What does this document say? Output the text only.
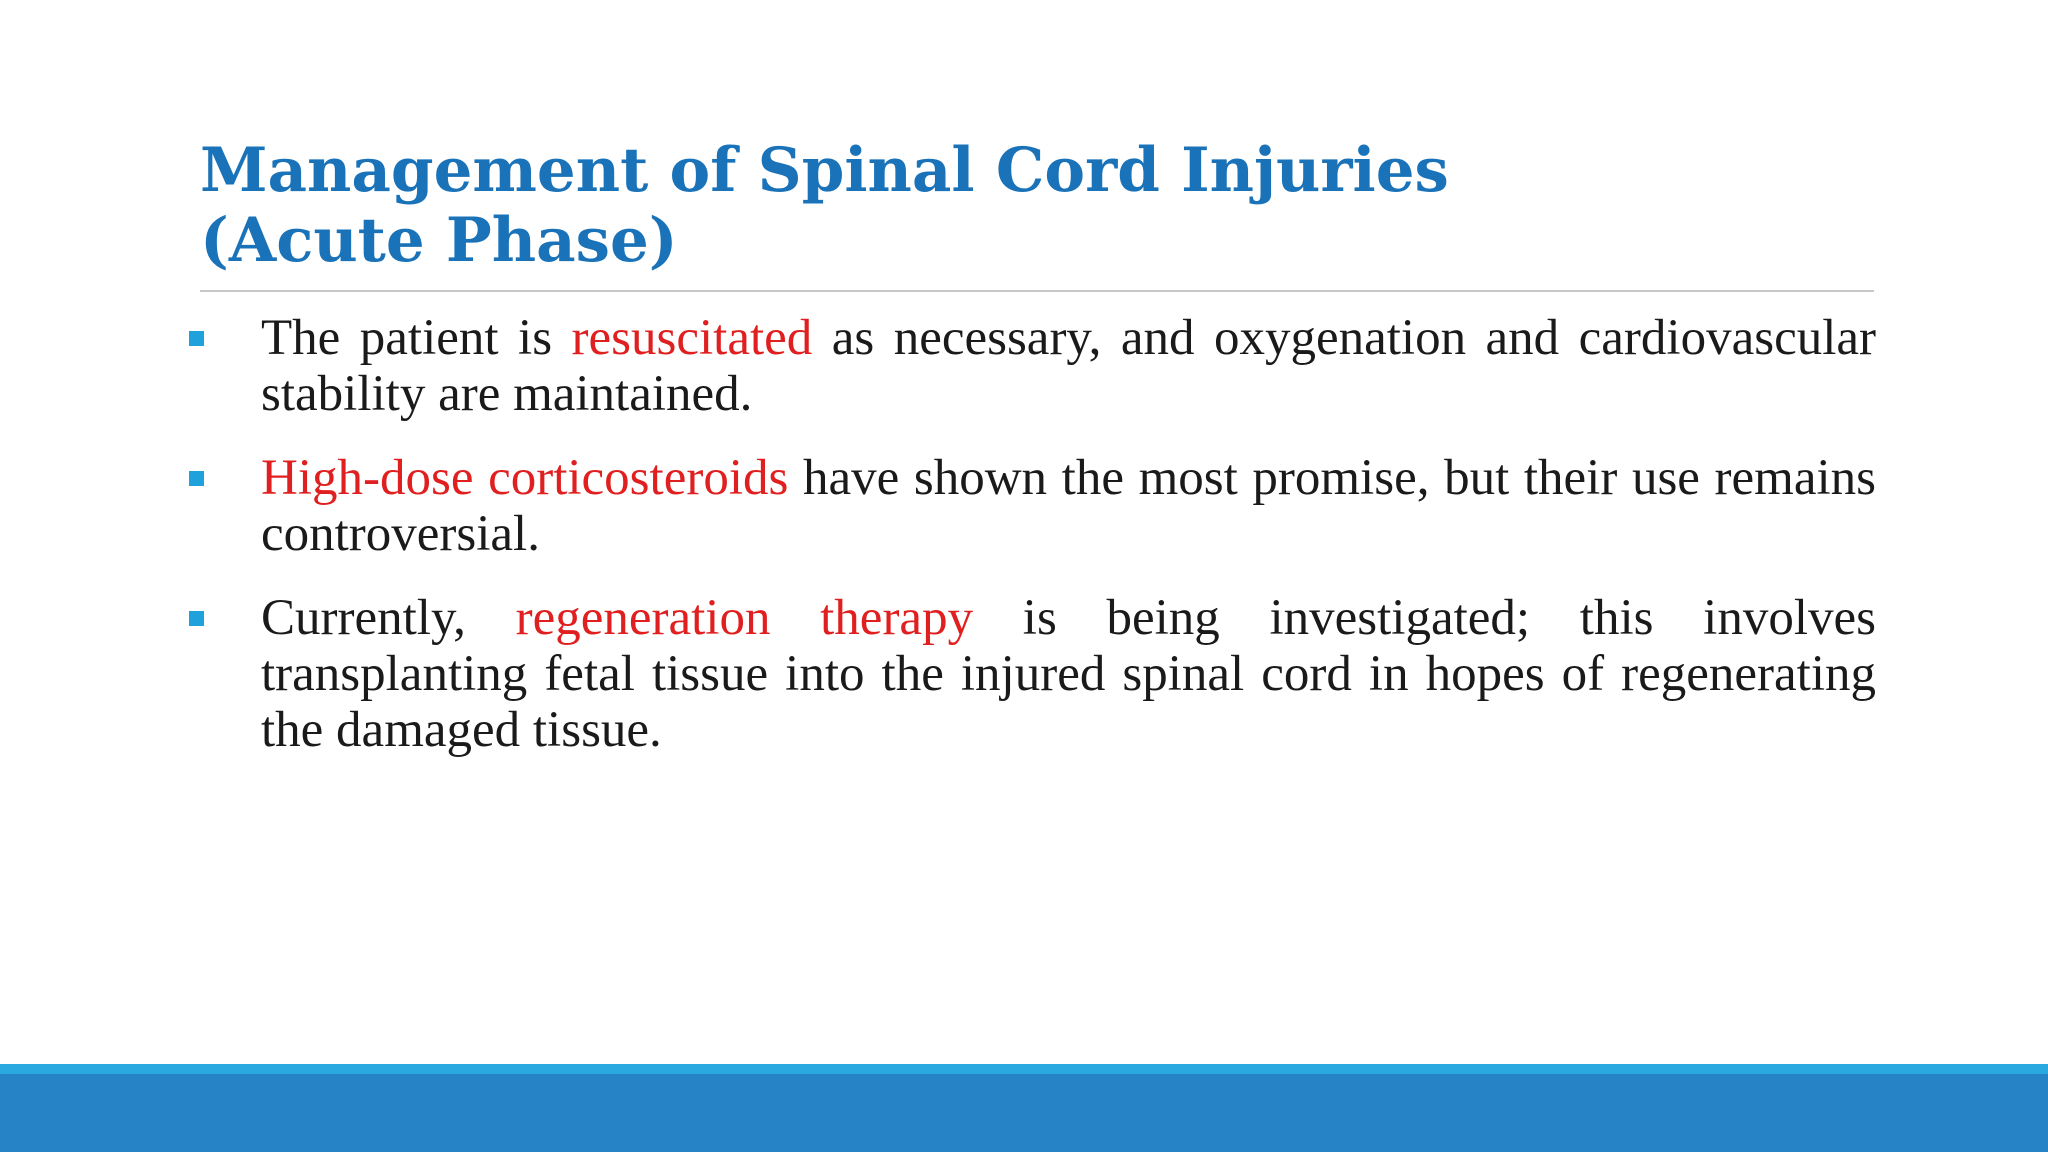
Management of Spinal Cord Injuries
(Acute Phase)
The patient is resuscitated as necessary, and oxygenation and cardiovascular stability are maintained.
High-dose corticosteroids have shown the most promise, but their use remains controversial.
Currently, regeneration therapy is being investigated; this involves transplanting fetal tissue into the injured spinal cord in hopes of regenerating the damaged tissue.
